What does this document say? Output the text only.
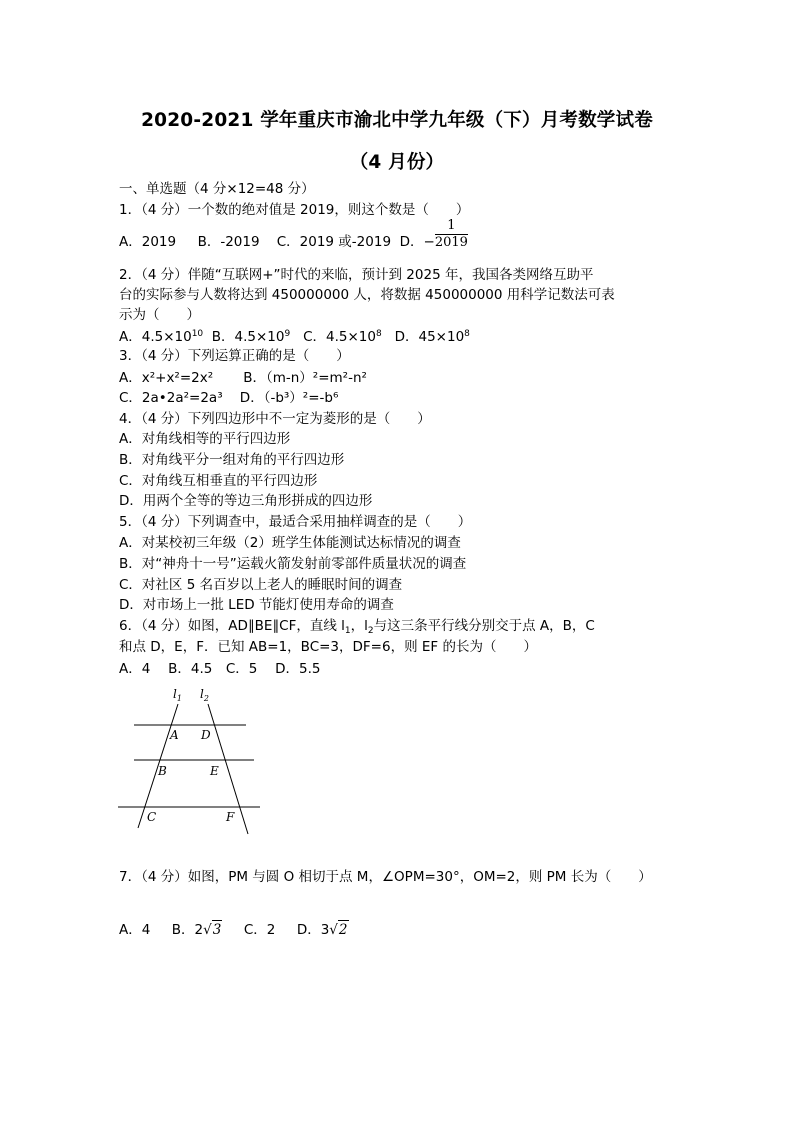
2020-2021 学年重庆市渝北中学九年级（下）月考数学试卷
（4 月份）
一、单选题（4 分×12=48 分）
1．（4 分）一个数的绝对值是 2019，则这个数是（　　）
A．2019 B．-2019 C．2019 或-2019 D．− $\frac{1}{2019}$
2．（4 分）伴随“互联网+”时代的来临，预计到 2025 年，我国各类网络互助平
台的实际参与人数将达到 450000000 人，将数据 450000000 用科学记数法可表
示为（　　）
A．$4.5\times 10^{10}$ B．$4.5\times 10^9$ C．$4.5\times 10^8$ D．$45\times 10^8$
3．（4 分）下列运算正确的是（　　）
A．x²+x²=2x² B．（m-n）²=m²-n²
C．2a•2a²=2a³ D．（-b³）²=-b⁶
4．（4 分）下列四边形中不一定为菱形的是（　　）
A．对角线相等的平行四边形
B．对角线平分一组对角的平行四边形
C．对角线互相垂直的平行四边形
D．用两个全等的等边三角形拼成的四边形
5．（4 分）下列调查中，最适合采用抽样调查的是（　　）
A．对某校初三年级（2）班学生体能测试达标情况的调查
B．对“神舟十一号”运载火箭发射前零部件质量状况的调查
C．对社区 5 名百岁以上老人的睡眠时间的调查
D．对市场上一批 LED 节能灯使用寿命的调查
6．（4 分）如图，AD∥BE∥CF，直线 $l_1$，$l_2$与这三条平行线分别交于点 A，B，C
和点 D，E，F．已知 AB=1，BC=3，DF=6，则 EF 的长为（　　）
A．4　 B．4.5　C．5　 D．5.5
$l_1$ $l_2$
A D
B	E
C	F
7．（4 分）如图，PM 与圆 O 相切于点 M，∠OPM=30°，OM=2，则 PM 长为（　　）
A．4 B．2√3 C．2 D．3√2
